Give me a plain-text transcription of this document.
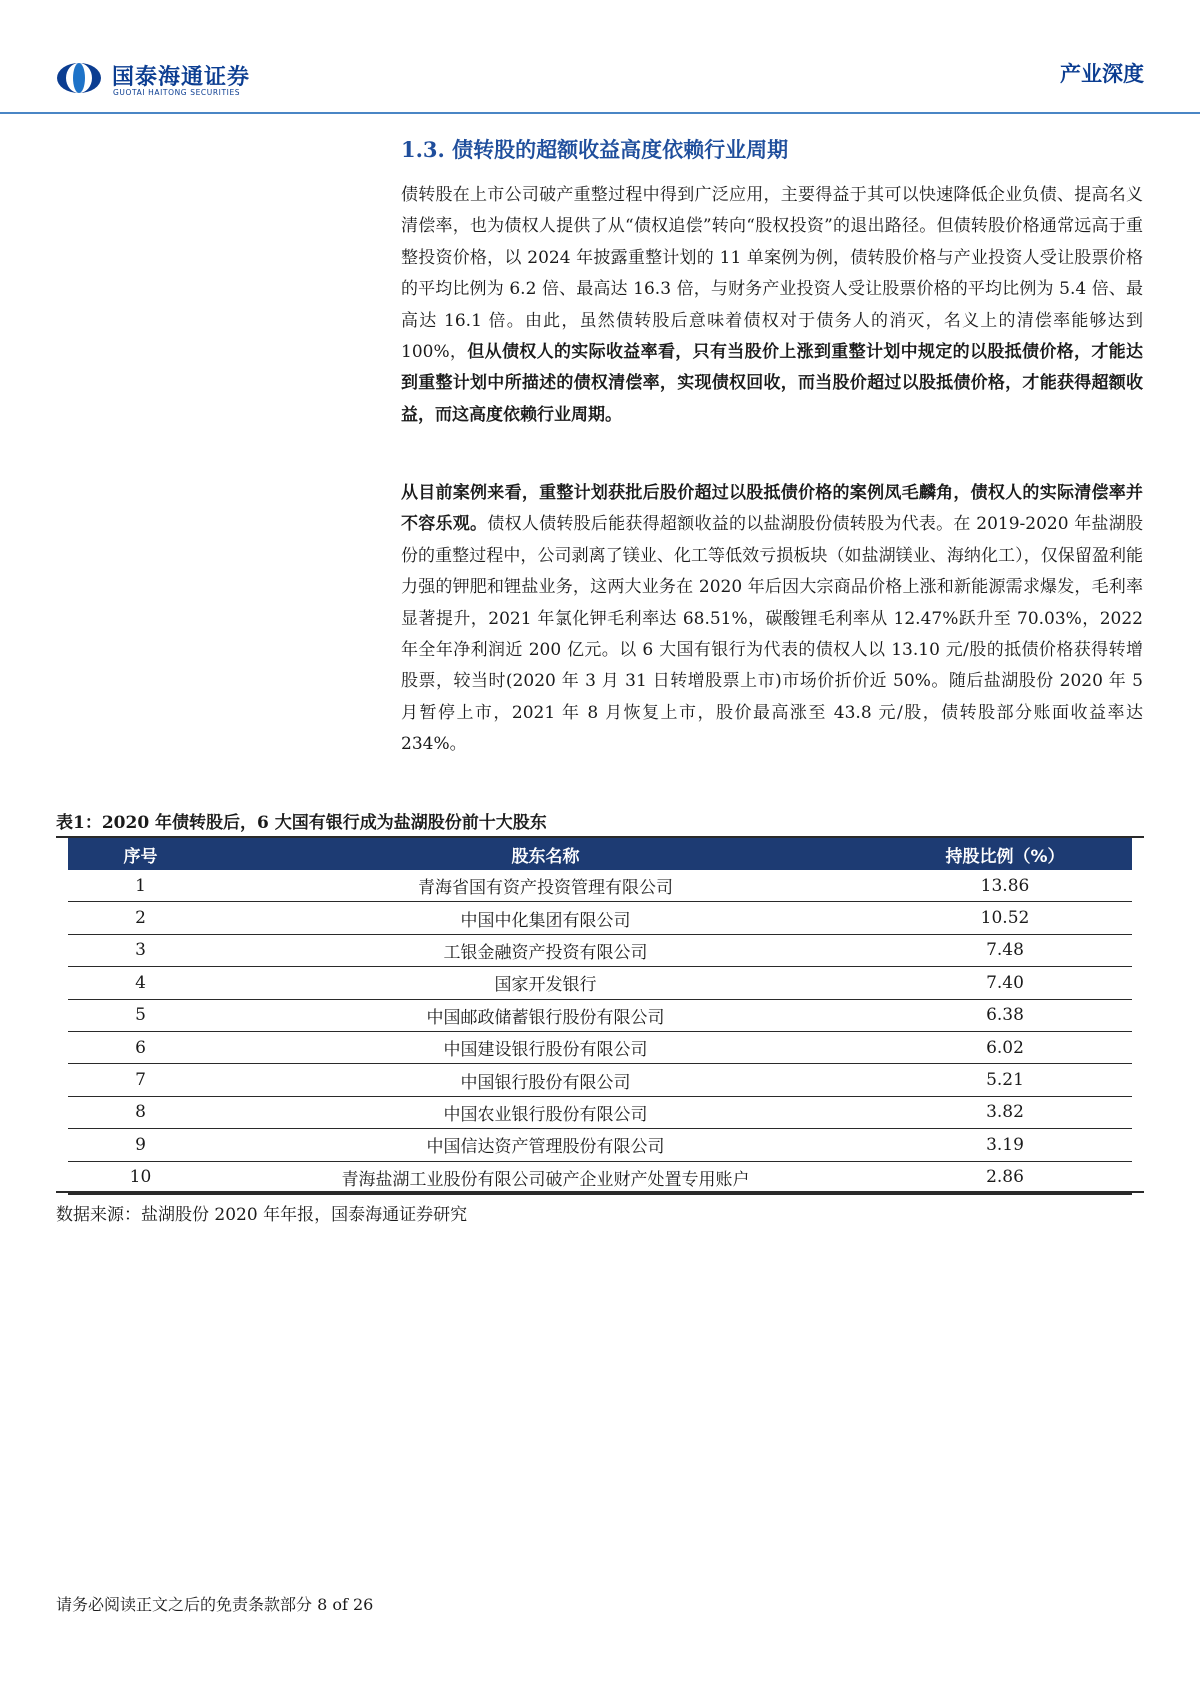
国泰海通证券
GUOTAI HAITONG SECURITIES
产业深度
1.3. 债转股的超额收益高度依赖行业周期

债转股在上市公司破产重整过程中得到广泛应用，主要得益于其可以快速降低企业负债、提高名义清偿率，也为债权人提供了从“债权追偿”转向“股权投资”的退出路径。但债转股价格通常远高于重整投资价格，以 2024 年披露重整计划的 11 单案例为例，债转股价格与产业投资人受让股票价格的平均比例为 6.2 倍、最高达 16.3 倍，与财务产业投资人受让股票价格的平均比例为 5.4 倍、最高达 16.1 倍。由此，虽然债转股后意味着债权对于债务人的消灭，名义上的清偿率能够达到 100%，但从债权人的实际收益率看，只有当股价上涨到重整计划中规定的以股抵债价格，才能达到重整计划中所描述的债权清偿率，实现债权回收，而当股价超过以股抵债价格，才能获得超额收益，而这高度依赖行业周期。

从目前案例来看，重整计划获批后股价超过以股抵债价格的案例凤毛麟角，债权人的实际清偿率并不容乐观。债权人债转股后能获得超额收益的以盐湖股份债转股为代表。在 2019-2020 年盐湖股份的重整过程中，公司剥离了镁业、化工等低效亏损板块（如盐湖镁业、海纳化工），仅保留盈利能力强的钾肥和锂盐业务，这两大业务在 2020 年后因大宗商品价格上涨和新能源需求爆发，毛利率显著提升，2021 年氯化钾毛利率达 68.51%，碳酸锂毛利率从 12.47%跃升至 70.03%，2022 年全年净利润近 200 亿元。以 6 大国有银行为代表的债权人以 13.10 元/股的抵债价格获得转增股票，较当时(2020 年 3 月 31 日转增股票上市)市场价折价近 50%。随后盐湖股份 2020 年 5 月暂停上市，2021 年 8 月恢复上市，股价最高涨至 43.8 元/股，债转股部分账面收益率达 234%。

表1：2020 年债转股后，6 大国有银行成为盐湖股份前十大股东
序号	股东名称	持股比例（%）
1	青海省国有资产投资管理有限公司	13.86
2	中国中化集团有限公司	10.52
3	工银金融资产投资有限公司	7.48
4	国家开发银行	7.40
5	中国邮政储蓄银行股份有限公司	6.38
6	中国建设银行股份有限公司	6.02
7	中国银行股份有限公司	5.21
8	中国农业银行股份有限公司	3.82
9	中国信达资产管理股份有限公司	3.19
10	青海盐湖工业股份有限公司破产企业财产处置专用账户	2.86
数据来源：盐湖股份 2020 年年报，国泰海通证券研究
请务必阅读正文之后的免责条款部分 8 of 26
